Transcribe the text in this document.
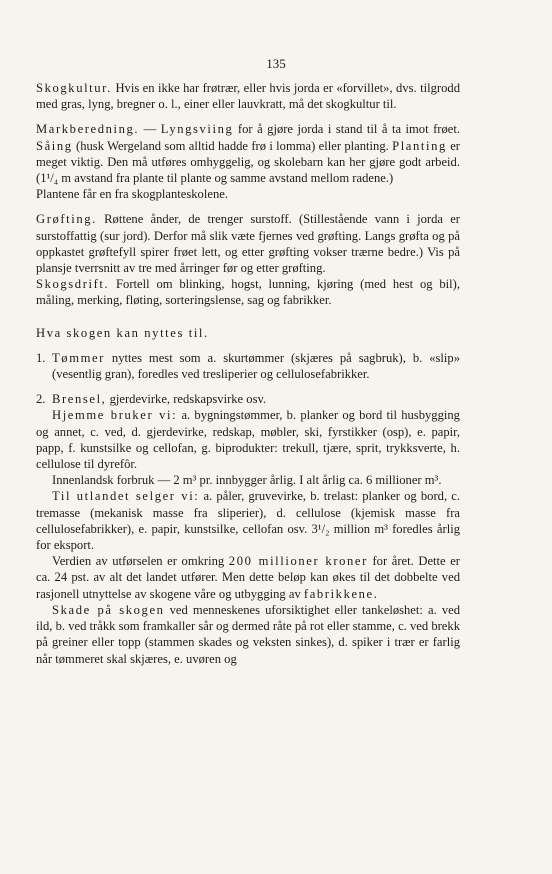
135

Skogkultur. Hvis en ikke har frøtrær, eller hvis jorda er «forvillet», dvs. tilgrodd med gras, lyng, bregner o. l., einer eller lauvkratt, må det skogkultur til.

Markberedning. — Lyngsviing for å gjøre jorda i stand til å ta imot frøet. Såing (husk Wergeland som alltid hadde frø i lomma) eller planting. Planting er meget viktig. Den må utføres omhyggelig, og skolebarn kan her gjøre godt arbeid. (1¹/₄ m avstand fra plante til plante og samme avstand mellom radene.)

Plantene får en fra skogplanteskolene.

Grøfting. Røttene ånder, de trenger surstoff. (Stillestående vann i jorda er surstoffattig (sur jord). Derfor må slik væte fjernes ved grøfting. Langs grøfta og på oppkastet grøftefyll spirer frøet lett, og etter grøfting vokser trærne bedre.) Vis på plansje tverrsnitt av tre med årringer før og etter grøfting.

Skogsdrift. Fortell om blinking, hogst, lunning, kjøring (med hest og bil), måling, merking, fløting, sorteringslense, sag og fabrikker.

Hva skogen kan nyttes til.

1. Tømmer nyttes mest som a. skurtømmer (skjæres på sagbruk), b. «slip» (vesentlig gran), foredles ved tresliperier og cellulosefabrikker.

2. Brensel, gjerdevirke, redskapsvirke osv.

Hjemme bruker vi: a. bygningstømmer, b. planker og bord til husbygging og annet, c. ved, d. gjerdevirke, redskap, møbler, ski, fyrstikker (osp), e. papir, papp, f. kunstsilke og cellofan, g. biprodukter: trekull, tjære, sprit, trykksverte, h. cellulose til dyrefôr.

Innenlandsk forbruk — 2 m³ pr. innbygger årlig. I alt årlig ca. 6 millioner m³.

Til utlandet selger vi: a. påler, gruvevirke, b. trelast: planker og bord, c. tremasse (mekanisk masse fra sliperier), d. cellulose (kjemisk masse fra cellulosefabrikker), e. papir, kunstsilke, cellofan osv. 3¹/₂ million m³ foredles årlig for eksport.

Verdien av utførselen er omkring 200 millioner kroner for året. Dette er ca. 24 pst. av alt det landet utfører. Men dette beløp kan økes til det dobbelte ved rasjonell utnyttelse av skogene våre og utbygging av fabrikkene.

Skade på skogen ved menneskenes uforsiktighet eller tankeløshet: a. ved ild, b. ved tråkk som framkaller sår og dermed råte på rot eller stamme, c. ved brekk på greiner eller topp (stammen skades og veksten sinkes), d. spiker i trær er farlig når tømmeret skal skjæres, e. uvøren og
